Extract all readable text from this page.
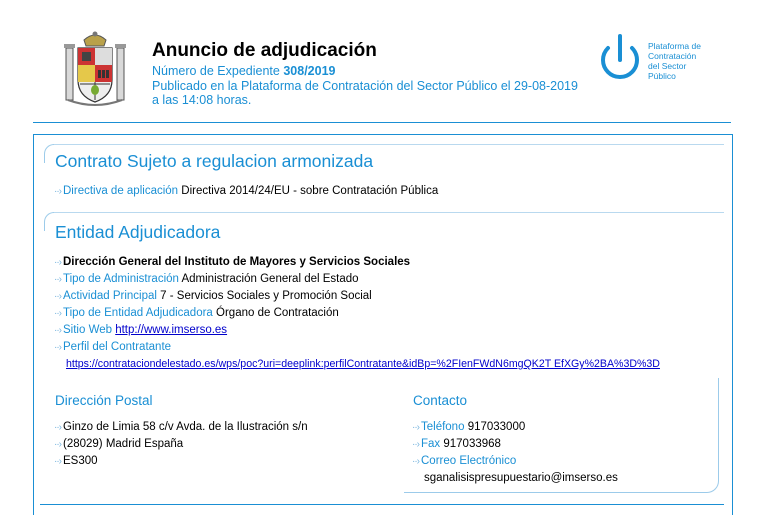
Anuncio de adjudicación
Número de Expediente 308/2019
Publicado en la Plataforma de Contratación del Sector Público el 29-08-2019
a las 14:08 horas.
Plataforma de
Contratación
del Sector
Público
Contrato Sujeto a regulacion armonizada
··› Directiva de aplicación Directiva 2014/24/EU - sobre Contratación Pública
Entidad Adjudicadora
··› Dirección General del Instituto de Mayores y Servicios Sociales
··› Tipo de Administración Administración General del Estado
··› Actividad Principal 7 - Servicios Sociales y Promoción Social
··› Tipo de Entidad Adjudicadora Órgano de Contratación
··› Sitio Web http://www.imserso.es
··› Perfil del Contratante
https://contrataciondelestado.es/wps/poc?uri=deeplink:perfilContratante&idBp=%2FIenFWdN6mgQK2T EfXGy%2BA%3D%3D
Dirección Postal
··› Ginzo de Limia 58 c/v Avda. de la Ilustración s/n
··› (28029) Madrid España
··› ES300
Contacto
··› Teléfono 917033000
··› Fax 917033968
··› Correo Electrónico
sganalisispresupuestario@imserso.es
